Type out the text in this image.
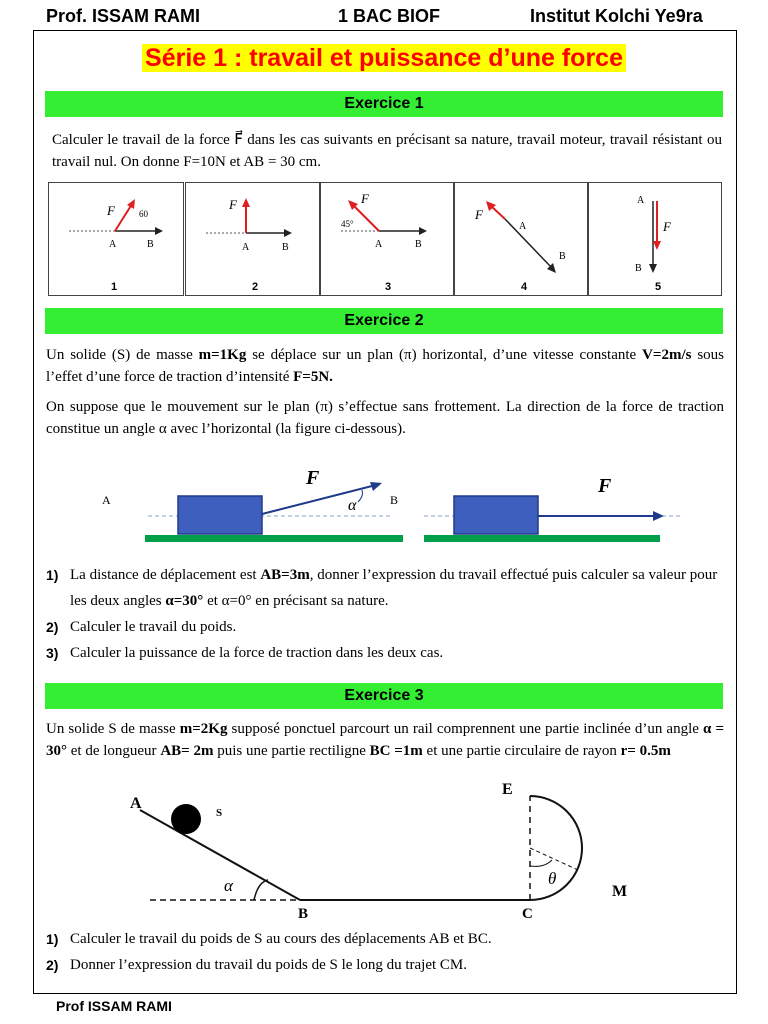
Prof. ISSAM RAMI	1 BAC BIOF	Institut Kolchi Ye9ra
Série 1 : travail et puissance d’une force
Exercice 1
Calculer le travail de la force F⃗ dans les cas suivants en précisant sa nature, travail moteur, travail résistant ou travail nul. On donne F=10N et AB = 30 cm.
F⃗ 60
A	B
1
F⃗
A	B
2
F⃗
45°
A	B
3
F⃗
A
B
4
A
F⃗
B
5
Exercice 2
Un solide (S) de masse m=1Kg se déplace sur un plan (π) horizontal, d’une vitesse constante V=2m/s sous l’effet d’une force de traction d’intensité F=5N.
On suppose que le mouvement sur le plan (π) s’effectue sans frottement. La direction de la force de traction constitue un angle α avec l’horizontal (la figure ci-dessous).
A	B
F⃗
α
F⃗
1) La distance de déplacement est AB=3m, donner l’expression du travail effectué puis calculer sa valeur pour les deux angles α=30° et α=0° en précisant sa nature.
2) Calculer le travail du poids.
3) Calculer la puissance de la force de traction dans les deux cas.
Exercice 3
Un solide S de masse m=2Kg supposé ponctuel parcourt un rail comprennent une partie inclinée d’un angle α = 30° et de longueur AB= 2m puis une partie rectiligne BC =1m et une partie circulaire de rayon r= 0.5m
A
S
α
B	C
E
M
θ
1) Calculer le travail du poids de S au cours des déplacements AB et BC.
2) Donner l’expression du travail du poids de S le long du trajet CM.
Prof ISSAM RAMI
